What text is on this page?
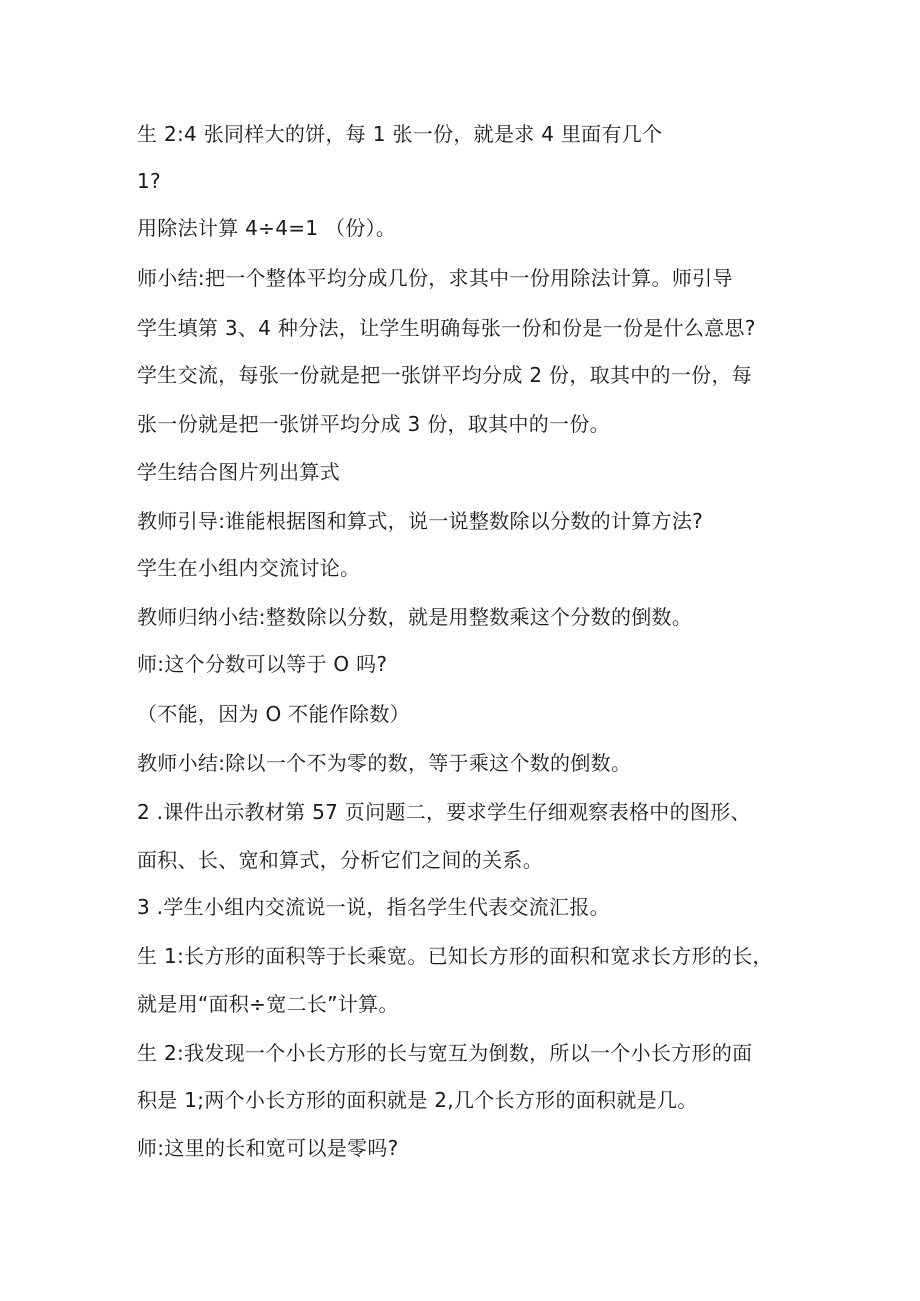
生 2:4 张同样大的饼，每 1 张一份，就是求 4 里面有几个
1?
用除法计算 4÷4=1 （份）。
师小结:把一个整体平均分成几份，求其中一份用除法计算。师引导
学生填第 3、4 种分法，让学生明确每张一份和份是一份是什么意思?
学生交流，每张一份就是把一张饼平均分成 2 份，取其中的一份，每
张一份就是把一张饼平均分成 3 份，取其中的一份。
学生结合图片列出算式
教师引导:谁能根据图和算式，说一说整数除以分数的计算方法?
学生在小组内交流讨论。
教师归纳小结:整数除以分数，就是用整数乘这个分数的倒数。
师:这个分数可以等于 O 吗?
（不能，因为 O 不能作除数）
教师小结:除以一个不为零的数，等于乘这个数的倒数。
2 .课件出示教材第 57 页问题二，要求学生仔细观察表格中的图形、
面积、长、宽和算式，分析它们之间的关系。
3 .学生小组内交流说一说，指名学生代表交流汇报。
生 1:长方形的面积等于长乘宽。已知长方形的面积和宽求长方形的长，
就是用“面积÷宽二长”计算。
生 2:我发现一个小长方形的长与宽互为倒数，所以一个小长方形的面
积是 1;两个小长方形的面积就是 2,几个长方形的面积就是几。
师:这里的长和宽可以是零吗?
